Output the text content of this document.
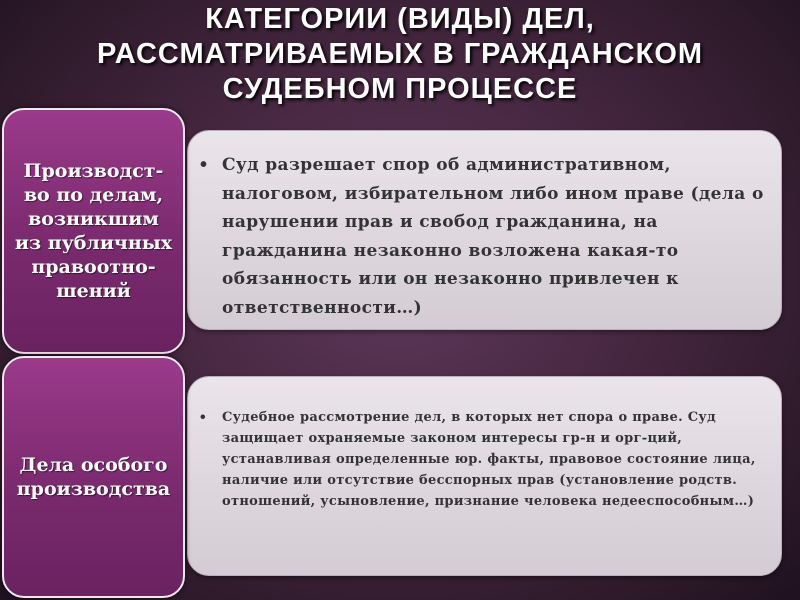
КАТЕГОРИИ (ВИДЫ) ДЕЛ,
РАССМАТРИВАЕМЫХ В ГРАЖДАНСКОМ
СУДЕБНОМ ПРОЦЕССЕ
• Суд разрешает спор об административном, налоговом, избирательном либо ином праве (дела о нарушении прав и свобод гражданина, на гражданина незаконно возложена какая-то обязанность или он незаконно привлечен к ответственности…)
Производст-
во по делам,
возникшим
из публичных
правоотно-
шений
• Судебное рассмотрение дел, в которых нет спора о праве. Суд защищает охраняемые законом интересы гр-н и орг-ций, устанавливая определенные юр. факты, правовое состояние лица, наличие или отсутствие бесспорных прав (установление родств. отношений, усыновление, признание человека недееспособным…)
Дела особого
производства
